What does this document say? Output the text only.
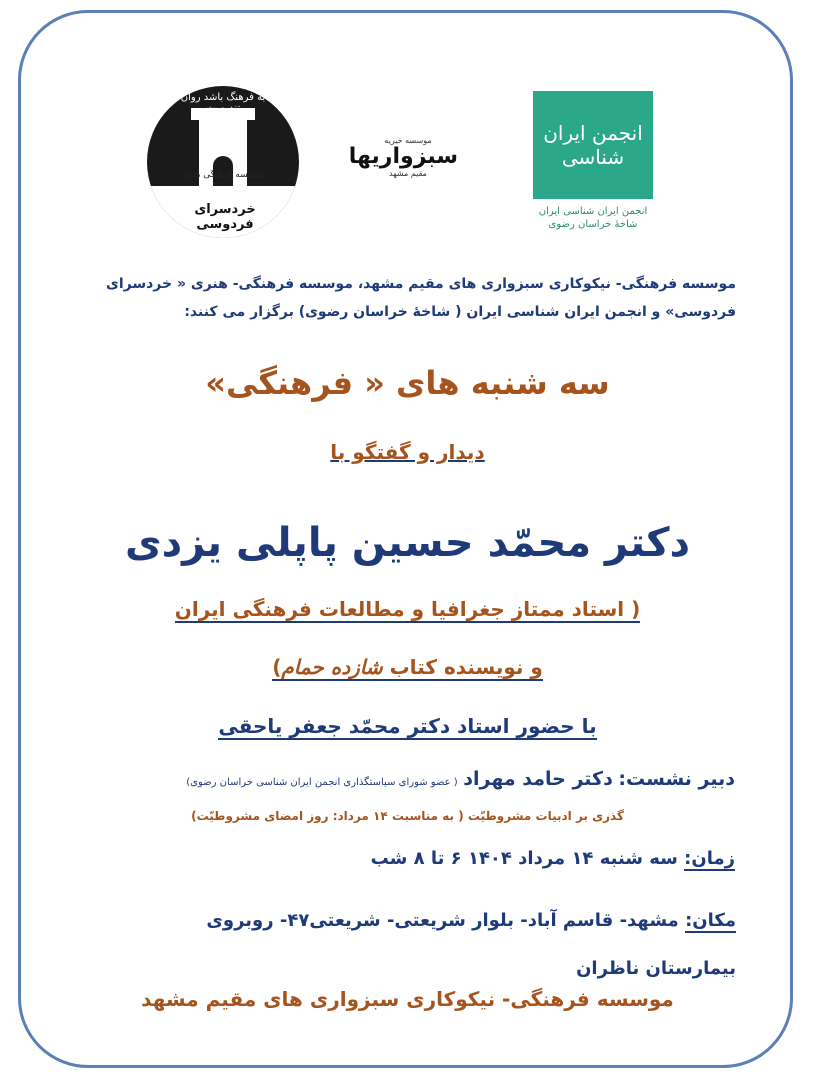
به فرهنگ باشد روان تندرست
موسسه فرهنگی هنری
خردسرای فردوسی
موسسه خیریه
سبزواریها
مقیم مشهد
انجمن ایران شناسی
انجمن ایران شناسی ایران
شاخهٔ خراسان رضوی
موسسه فرهنگی- نیکوکاری سبزواری های مقیم مشهد، موسسه فرهنگی- هنری « خردسرای فردوسی» و انجمن ایران شناسی ایران ( شاخهٔ خراسان رضوی) برگزار می کنند:
سه شنبه های « فرهنگی»
دیدار و گفتگو با
دکتر محمّد حسین پاپلی یزدی
( استاد ممتاز جغرافیا و مطالعات فرهنگی ایران
و نویسنده کتاب شازده حمام)
با حضور استاد دکتر محمّد جعفر یاحقی
دبیر نشست: دکتر حامد مهراد ( عضو شورای سیاستگذاری انجمن ایران شناسی خراسان رضوی)
گذری بر ادبیات مشروطیّت ( به مناسبت ۱۴ مرداد: روز امضای مشروطیّت)
زمان: سه شنبه ۱۴ مرداد ۱۴۰۴ ۶ تا ۸ شب
مکان: مشهد- قاسم آباد- بلوار شریعتی- شریعتی۴۷- روبروی
بیمارستان ناظران
موسسه فرهنگی- نیکوکاری سبزواری های مقیم مشهد
